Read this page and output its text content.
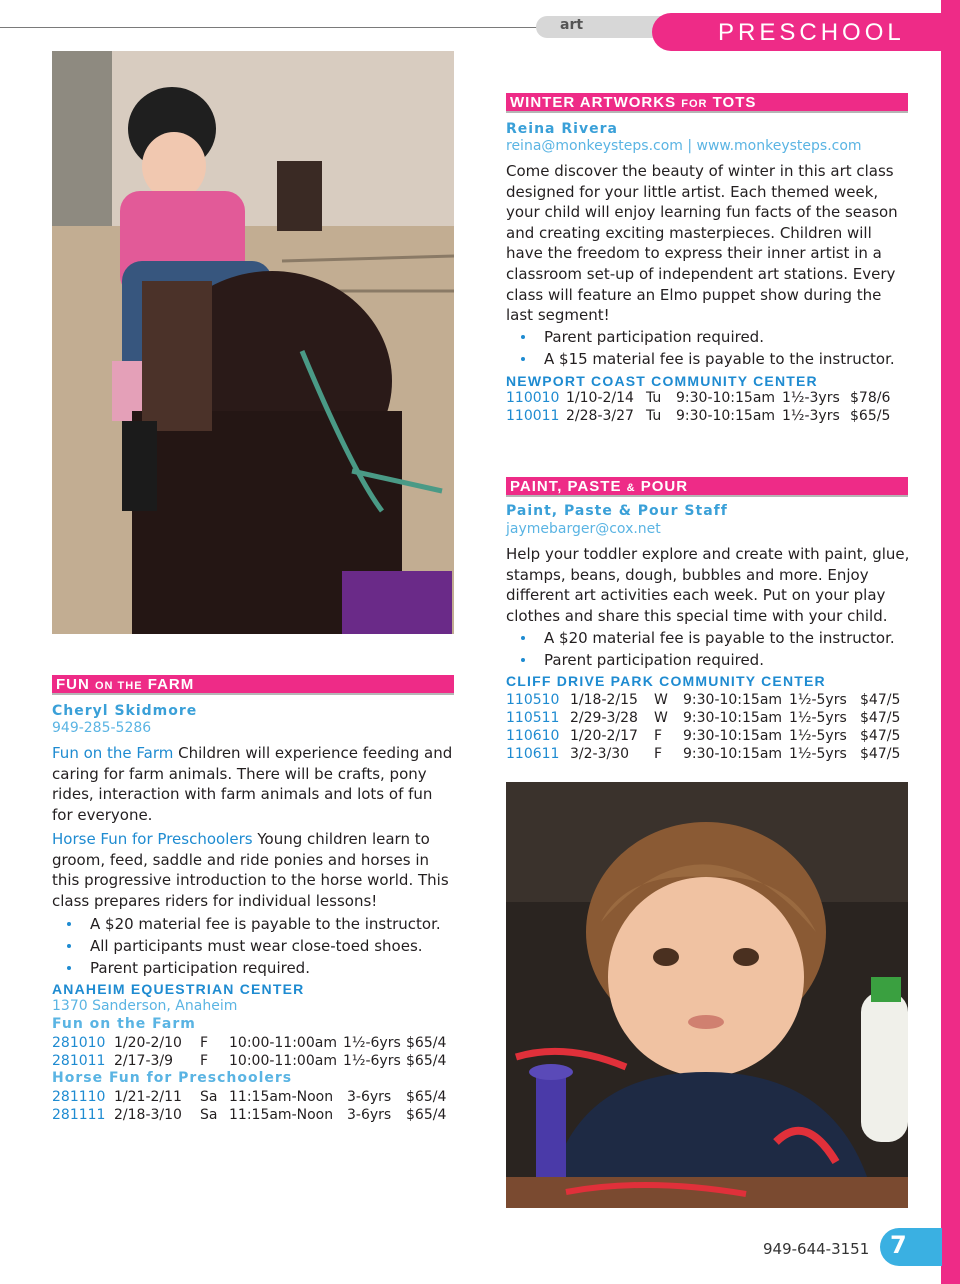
art	PRESCHOOL
WINTER ARTWORKS FOR TOTS
Reina Rivera
reina@monkeysteps.com | www.monkeysteps.com
Come discover the beauty of winter in this art class designed for your little artist. Each themed week, your child will enjoy learning fun facts of the season and creating exciting masterpieces. Children will have the freedom to express their inner artist in a classroom set-up of independent art stations. Every class will feature an Elmo puppet show during the last segment!
Parent participation required.
A $15 material fee is payable to the instructor.
NEWPORT COAST COMMUNITY CENTER
110010	1/10-2/14	Tu	9:30-10:15am	1½-3yrs	$78/6
110011	2/28-3/27	Tu	9:30-10:15am	1½-3yrs	$65/5
PAINT, PASTE & POUR
Paint, Paste & Pour Staff
jaymebarger@cox.net
Help your toddler explore and create with paint, glue, stamps, beans, dough, bubbles and more. Enjoy different art activities each week. Put on your play clothes and share this special time with your child.
A $20 material fee is payable to the instructor.
Parent participation required.
CLIFF DRIVE PARK COMMUNITY CENTER
110510	1/18-2/15	W	9:30-10:15am	1½-5yrs	$47/5
110511	2/29-3/28	W	9:30-10:15am	1½-5yrs	$47/5
110610	1/20-2/17	F	9:30-10:15am	1½-5yrs	$47/5
110611	3/2-3/30	F	9:30-10:15am	1½-5yrs	$47/5
FUN ON THE FARM
Cheryl Skidmore
949-285-5286
Fun on the Farm Children will experience feeding and caring for farm animals. There will be crafts, pony rides, interaction with farm animals and lots of fun for everyone.
Horse Fun for Preschoolers Young children learn to groom, feed, saddle and ride ponies and horses in this progressive introduction to the horse world. This class prepares riders for individual lessons!
A $20 material fee is payable to the instructor.
All participants must wear close-toed shoes.
Parent participation required.
ANAHEIM EQUESTRIAN CENTER
1370 Sanderson, Anaheim
Fun on the Farm
281010	1/20-2/10	F	10:00-11:00am	1½-6yrs	$65/4
281011	2/17-3/9	F	10:00-11:00am	1½-6yrs	$65/4
Horse Fun for Preschoolers
281110	1/21-2/11	Sa	11:15am-Noon	3-6yrs	$65/4
281111	2/18-3/10	Sa	11:15am-Noon	3-6yrs	$65/4
949-644-3151 7
